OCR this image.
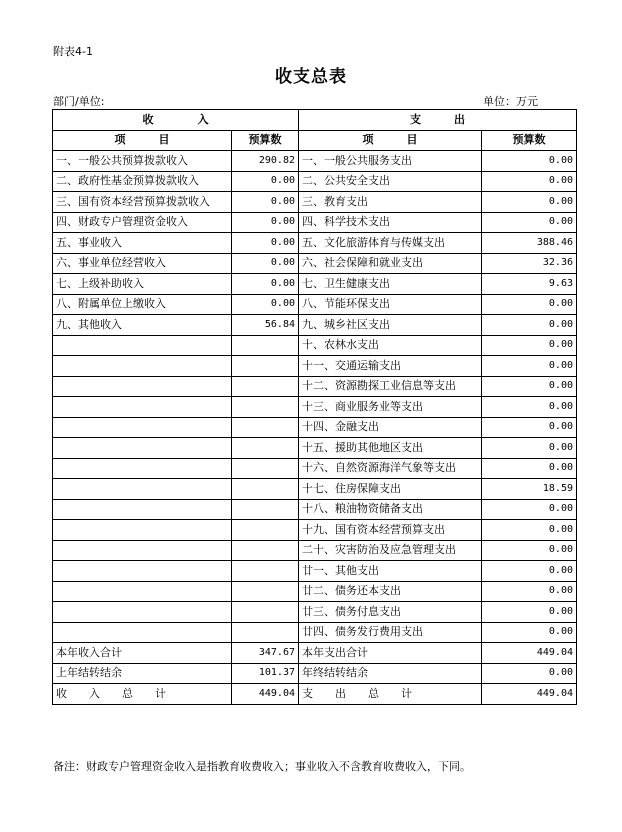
附表4-1
收支总表
部门/单位:	单位：万元
收　　　　入		支　　　出	
项　　　目	预算数	项　　　目	预算数
一、一般公共预算拨款收入	290.82	一、一般公共服务支出	0.00
二、政府性基金预算拨款收入	0.00	二、公共安全支出	0.00
三、国有资本经营预算拨款收入	0.00	三、教育支出	0.00
四、财政专户管理资金收入	0.00	四、科学技术支出	0.00
五、事业收入	0.00	五、文化旅游体育与传媒支出	388.46
六、事业单位经营收入	0.00	六、社会保障和就业支出	32.36
七、上级补助收入	0.00	七、卫生健康支出	9.63
八、附属单位上缴收入	0.00	八、节能环保支出	0.00
九、其他收入	56.84	九、城乡社区支出	0.00
		十、农林水支出	0.00
		十一、交通运输支出	0.00
		十二、资源勘探工业信息等支出	0.00
		十三、商业服务业等支出	0.00
		十四、金融支出	0.00
		十五、援助其他地区支出	0.00
		十六、自然资源海洋气象等支出	0.00
		十七、住房保障支出	18.59
		十八、粮油物资储备支出	0.00
		十九、国有资本经营预算支出	0.00
		二十、灾害防治及应急管理支出	0.00
		廿一、其他支出	0.00
		廿二、债务还本支出	0.00
		廿三、债务付息支出	0.00
		廿四、债务发行费用支出	0.00
本年收入合计	347.67	本年支出合计	449.04
上年结转结余	101.37	年终结转结余	0.00
收　　入　　总　　计	449.04	支　　出　　总　　计	449.04
备注：财政专户管理资金收入是指教育收费收入；事业收入不含教育收费收入，下同。
